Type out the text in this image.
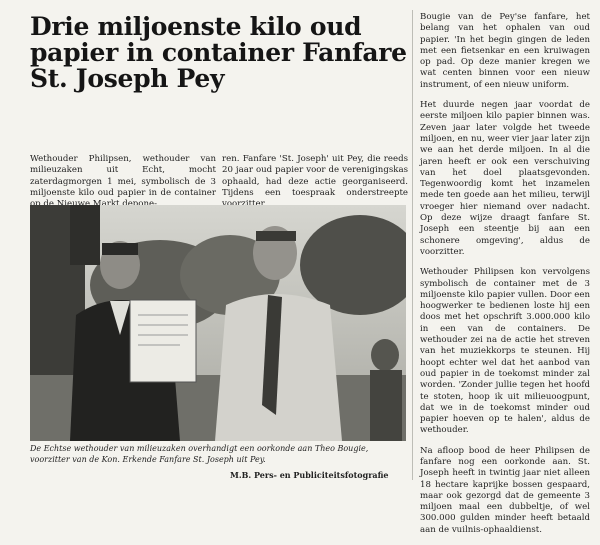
Drie miljoenste kilo oud papier in container Fanfare St. Joseph Pey

Wethouder Philipsen, wethouder van milieuzaken uit Echt, mocht zaterdagmorgen 1 mei, symbolisch de 3 miljoenste kilo oud papier in de container

ren. Fanfare 'St. Joseph' uit Pey, die reeds 20 jaar oud papier voor de verenigingskas ophaald, had deze actie georganiseerd. Tijdens een toespraak onderstreepte

Bougie van de Pey'se fanfare, het belang van het ophalen van oud papier. 'In het begin gingen de leden met een fietsenkar en een kruiwagen op pad. Op deze manier kregen we wat centen binnen voor een nieuw instrument, of een nieuw uniform.

Het duurde negen jaar voordat de eerste miljoen kilo papier binnen was. Zeven jaar later volgde het tweede miljoen, en nu, weer vier jaar later zijn we aan het derde miljoen. In al die jaren heeft er ook een verschuiving van het doel plaatsgevonden. Tegenwoordig komt het inzamelen mede ten goede aan het milieu, terwijl vroeger hier niemand over nadacht. Op deze wijze draagt fanfare St. Joseph een steentje bij aan een schonere omgeving', aldus de voorzitter.

Wethouder Philipsen kon vervolgens symbolisch de container met de 3 miljoenste kilo papier vullen. Door een hoogwerker te bedienen loste hij een doos met het opschrift 3.000.000 kilo in een van de containers. De wethouder zei na de actie het streven van het muziekkorps te steunen. Hij hoopt echter wel dat het aanbod van oud papier in de toekomst minder zal worden. 'Zonder jullie tegen het hoofd te stoten, hoop ik uit milieuoogpunt, dat we in de toekomst minder oud papier hoeven op te halen', aldus de wethouder.

Na afloop bood de heer Philipsen de fanfare nog een oorkonde aan. St. Joseph heeft in twintig jaar niet alleen 18 hectare kaprijke bossen gespaard, maar ook gezorgd dat de gemeente 3 miljoen maal een dubbeltje, of wel 300.000 gulden minder heeft betaald aan de vuilnis-ophaaldienst.

De Echtse wethouder van milieuzaken overhandigt een oorkonde aan Theo Bougie, voorzitter van de Kon. Erkende Fanfare St. Joseph uit Pey.
M.B. Pers- en Publiciteitsfotografie
